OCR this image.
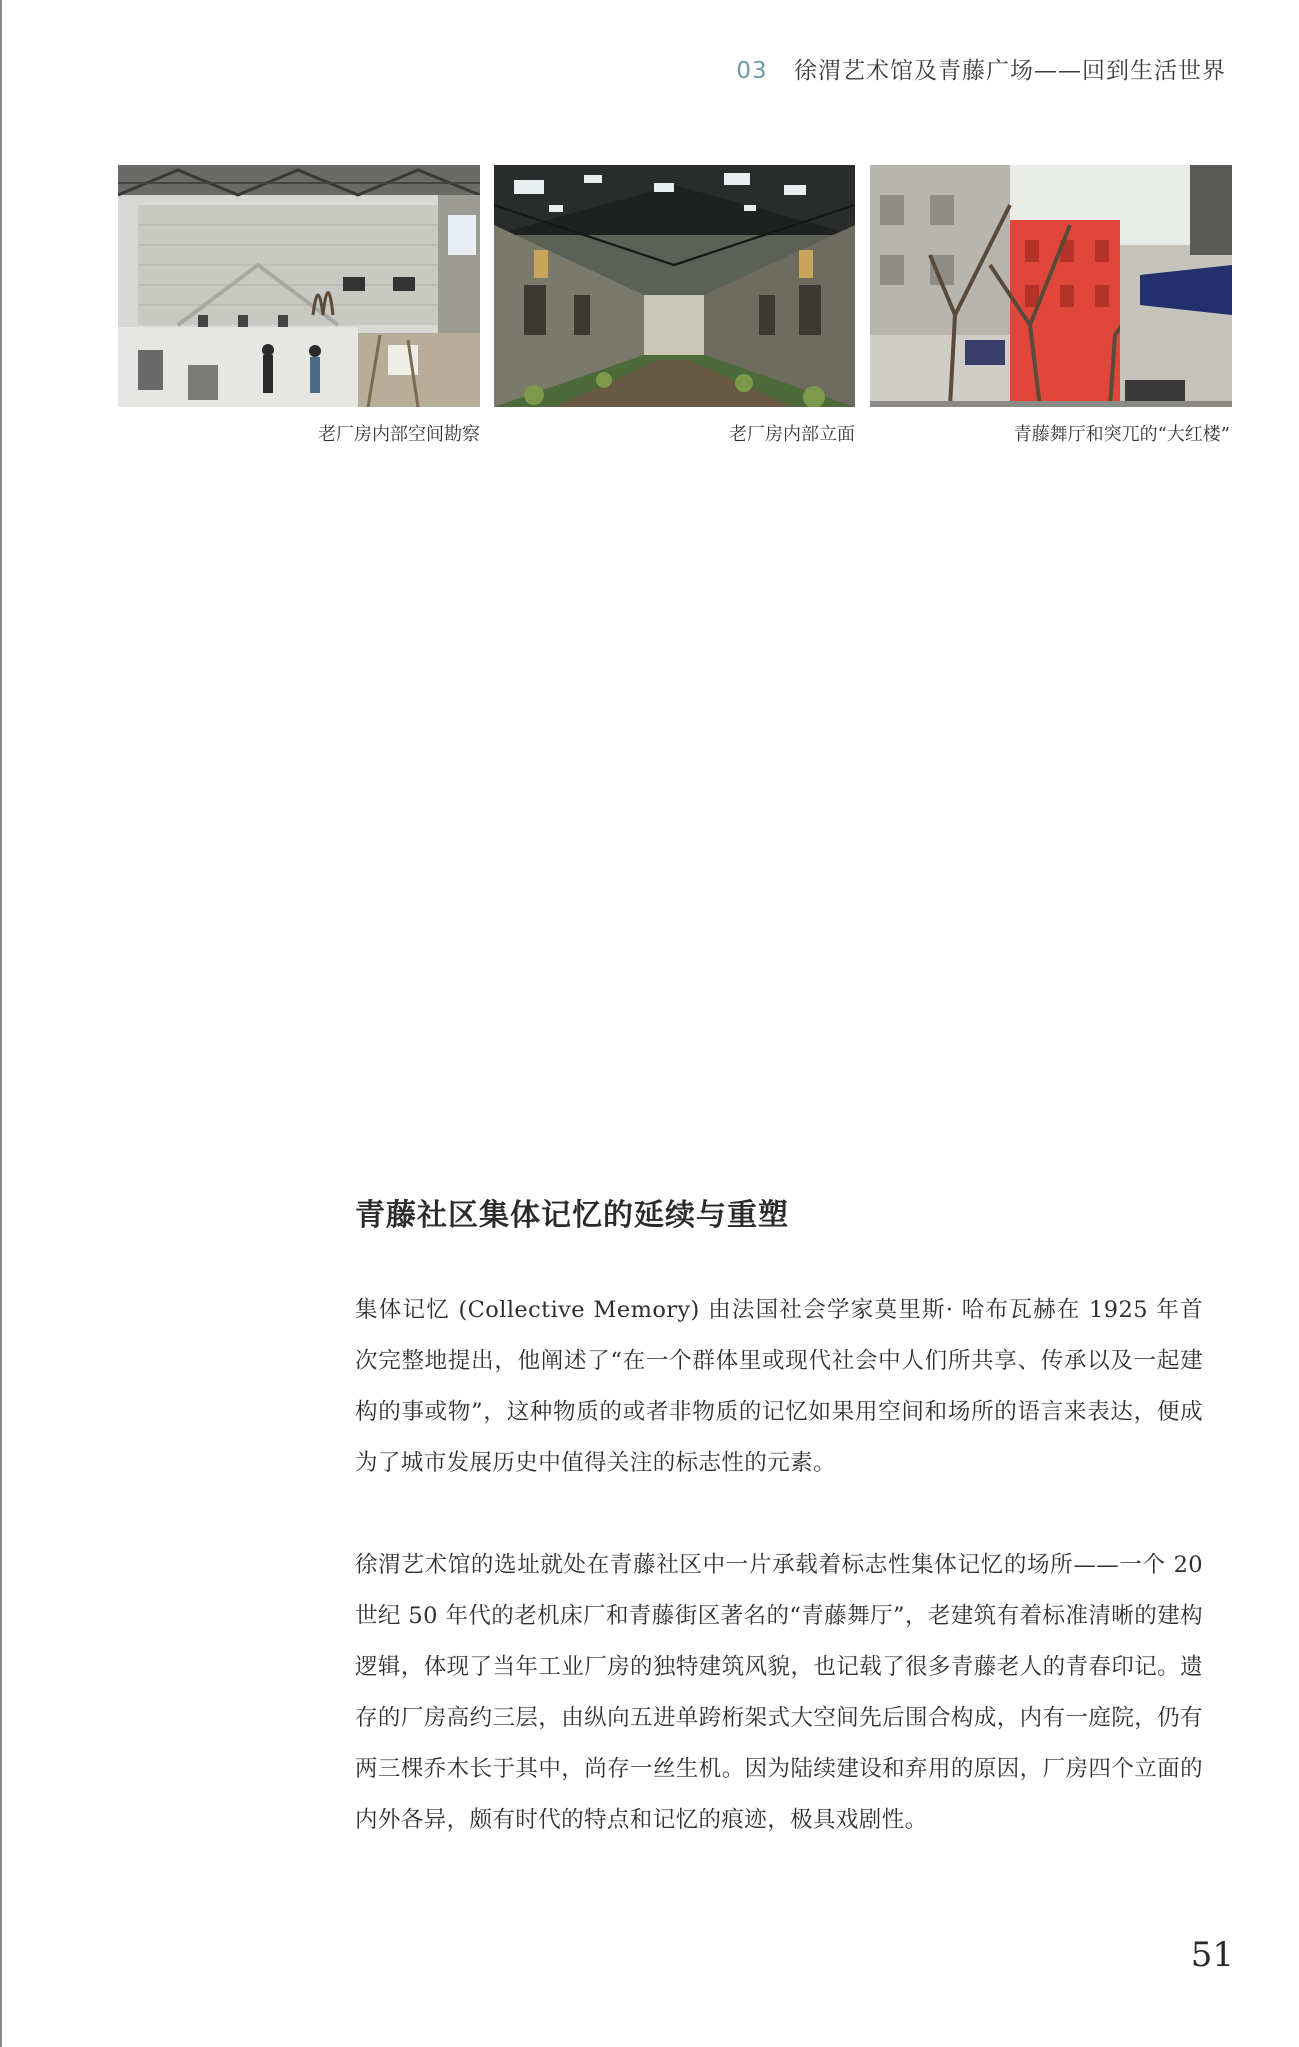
03 徐渭艺术馆及青藤广场——回到生活世界
老厂房内部空间勘察	老厂房内部立面	青藤舞厅和突兀的“大红楼”
青藤社区集体记忆的延续与重塑

集体记忆 (Collective Memory) 由法国社会学家莫里斯· 哈布瓦赫在 1925 年首次完整地提出，他阐述了“在一个群体里或现代社会中人们所共享、传承以及一起建构的事或物”，这种物质的或者非物质的记忆如果用空间和场所的语言来表达，便成为了城市发展历史中值得关注的标志性的元素。

徐渭艺术馆的选址就处在青藤社区中一片承载着标志性集体记忆的场所——一个 20 世纪 50 年代的老机床厂和青藤街区著名的“青藤舞厅”，老建筑有着标准清晰的建构逻辑，体现了当年工业厂房的独特建筑风貌，也记载了很多青藤老人的青春印记。遗存的厂房高约三层，由纵向五进单跨桁架式大空间先后围合构成，内有一庭院，仍有两三棵乔木长于其中，尚存一丝生机。因为陆续建设和弃用的原因，厂房四个立面的内外各异，颇有时代的特点和记忆的痕迹，极具戏剧性。

51
